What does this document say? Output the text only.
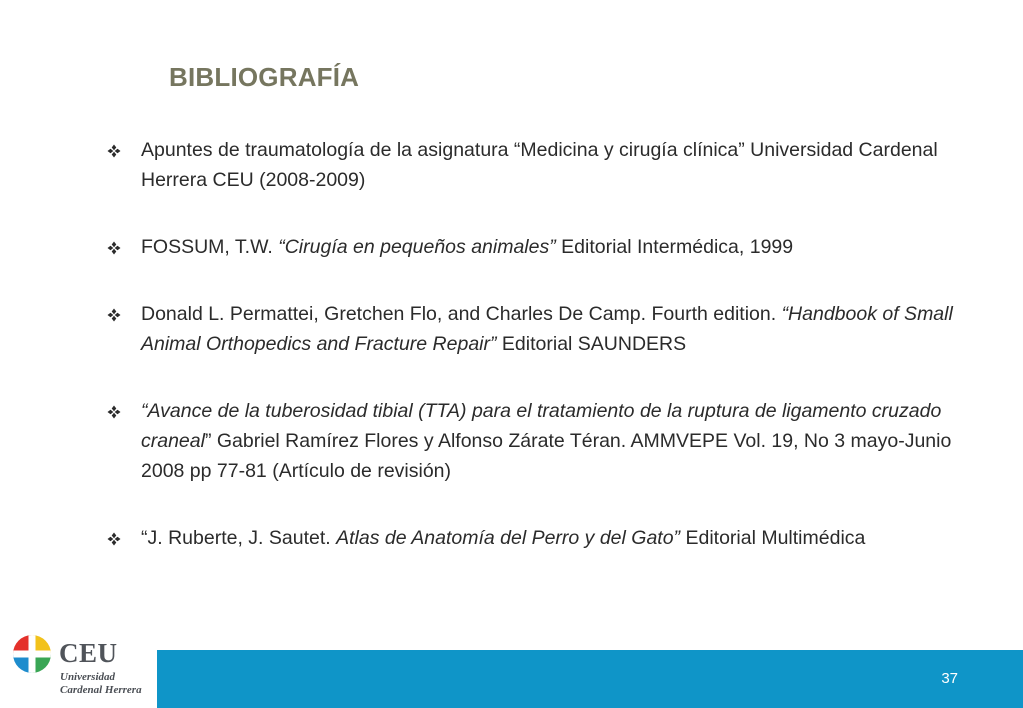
BIBLIOGRAFÍA
Apuntes de traumatología de la asignatura “Medicina y cirugía clínica” Universidad Cardenal Herrera CEU (2008-2009)
FOSSUM, T.W. “Cirugía en pequeños animales” Editorial Intermédica, 1999
Donald L. Permattei, Gretchen Flo, and Charles De Camp. Fourth edition. “Handbook of Small Animal Orthopedics and Fracture Repair” Editorial SAUNDERS
“Avance de la tuberosidad tibial (TTA) para el tratamiento de la ruptura de ligamento cruzado craneal” Gabriel Ramírez Flores y Alfonso Zárate Téran. AMMVEPE Vol. 19, No 3 mayo-Junio 2008 pp 77-81 (Artículo de revisión)
“J. Ruberte, J. Sautet. Atlas de Anatomía del Perro y del Gato” Editorial Multimédica
CEU
Universidad
Cardenal Herrera
37
